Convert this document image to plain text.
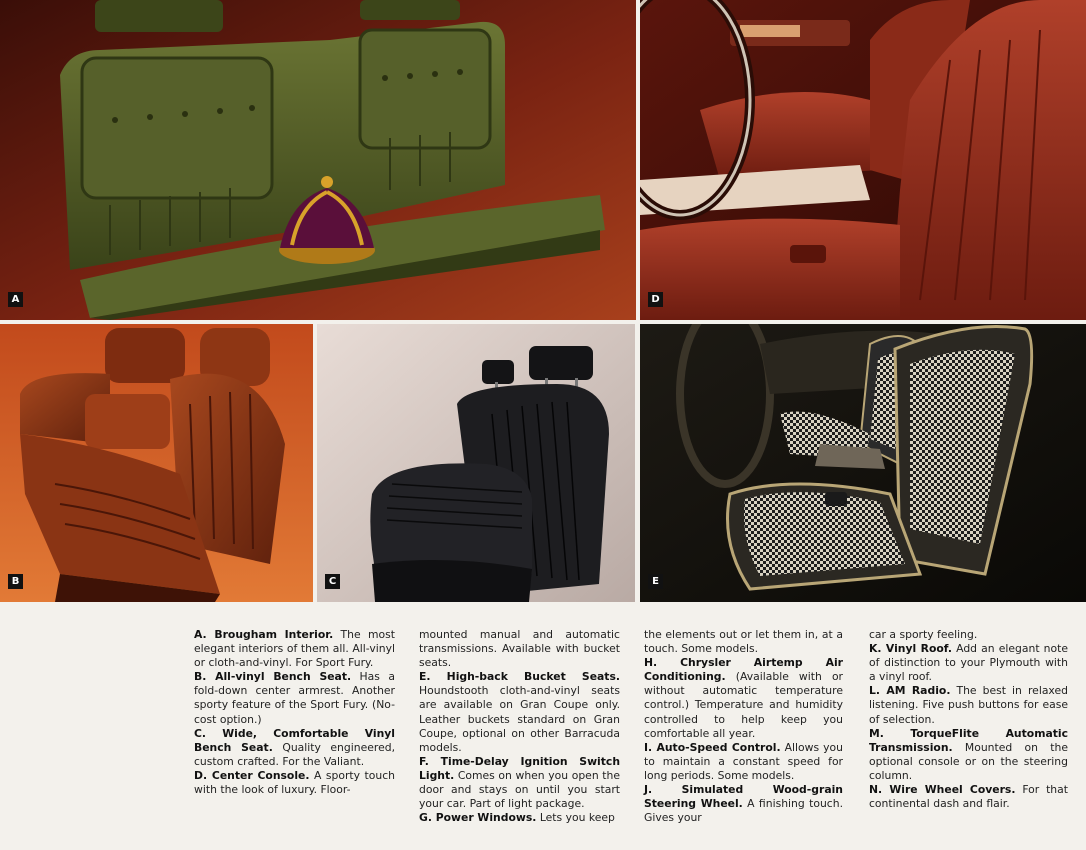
A	D
B	C	E

A. Brougham Interior. The most elegant interiors of them all. All-vinyl or cloth-and-vinyl. For Sport Fury.

B. All-vinyl Bench Seat. Has a fold-down center armrest. Another sporty feature of the Sport Fury. (No-cost option.)

C. Wide, Comfortable Vinyl Bench Seat. Quality engineered, custom crafted. For the Valiant.

D. Center Console. A sporty touch with the look of luxury. Floor-

mounted manual and automatic transmissions. Available with bucket seats.

E. High-back Bucket Seats. Houndstooth cloth-and-vinyl seats are available on Gran Coupe only. Leather buckets standard on Gran Coupe, optional on other Barracuda models.

F. Time-Delay Ignition Switch Light. Comes on when you open the door and stays on until you start your car. Part of light package.

G. Power Windows. Lets you keep

the elements out or let them in, at a touch. Some models.

H. Chrysler Airtemp Air Conditioning. (Available with or without automatic temperature control.) Temperature and humidity controlled to help keep you comfortable all year.

I. Auto-Speed Control. Allows you to maintain a constant speed for long periods. Some models.

J. Simulated Wood-grain Steering Wheel. A finishing touch. Gives your

car a sporty feeling.

K. Vinyl Roof. Add an elegant note of distinction to your Plymouth with a vinyl roof.

L. AM Radio. The best in relaxed listening. Five push buttons for ease of selection.

M. TorqueFlite Automatic Transmission. Mounted on the optional console or on the steering column.

N. Wire Wheel Covers. For that continental dash and flair.
